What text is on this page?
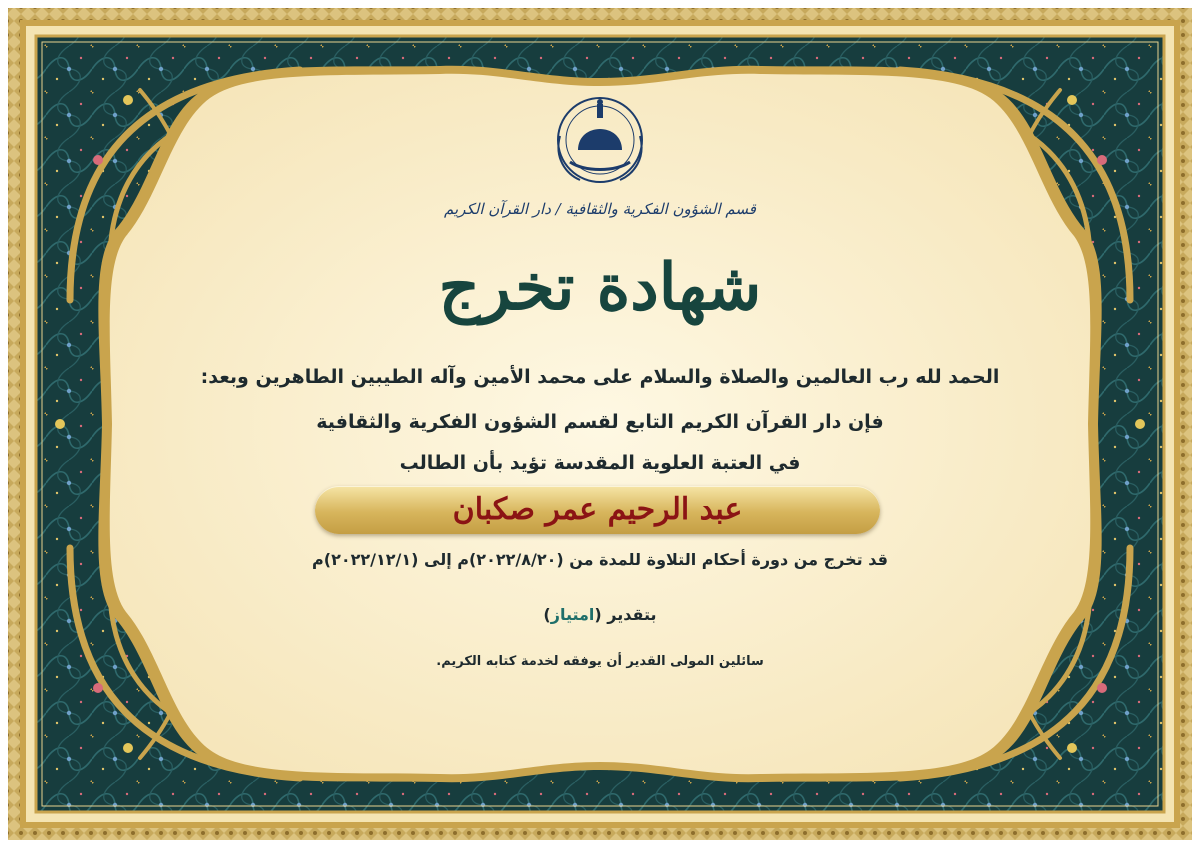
قسم الشؤون الفكرية والثقافية / دار القرآن الكريم
شهادة تخرج
الحمد لله رب العالمين والصلاة والسلام على محمد الأمين وآله الطيبين الطاهرين وبعد:
فإن دار القرآن الكريم التابع لقسم الشؤون الفكرية والثقافية
في العتبة العلوية المقدسة تؤيد بأن الطالب
عبد الرحيم عمر صكبان
قد تخرج من دورة أحكام التلاوة للمدة من (٢٠٢٢/٨/٢٠)م إلى (٢٠٢٢/١٢/١)م
بتقدير (امتياز)
سائلين المولى القدير أن يوفقه لخدمة كتابه الكريم.
